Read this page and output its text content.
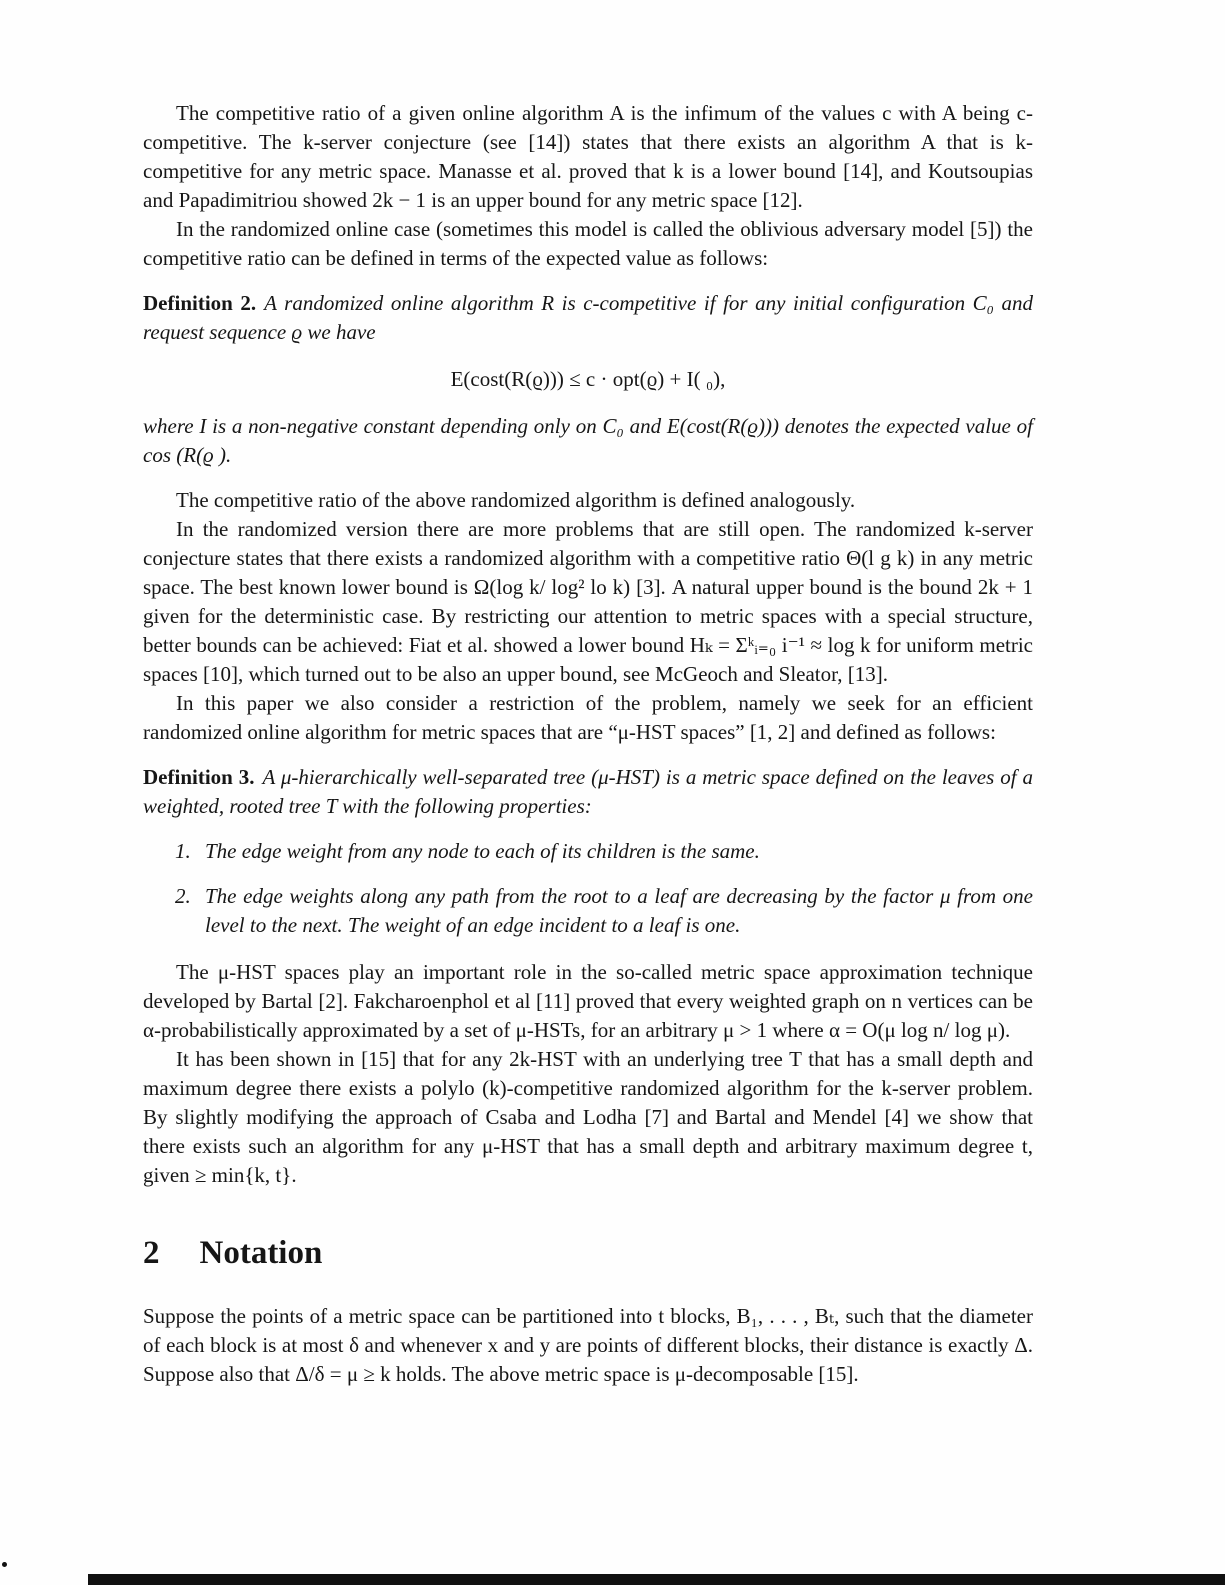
The competitive ratio of a given online algorithm A is the infimum of the values c with A being c-competitive. The k-server conjecture (see [14]) states that there exists an algorithm A that is k-competitive for any metric space. Manasse et al. proved that k is a lower bound [14], and Koutsoupias and Papadimitriou showed 2k − 1 is an upper bound for any metric space [12].

In the randomized online case (sometimes this model is called the oblivious adversary model [5]) the competitive ratio can be defined in terms of the expected value as follows:

Definition 2. A randomized online algorithm R is c-competitive if for any initial configuration C₀ and request sequence ϱ we have

E(cost(R(ϱ))) ≤ c · opt(ϱ) + I( ₀),

where I is a non-negative constant depending only on C₀ and E(cost(R(ϱ))) denotes the expected value of cos (R(ϱ ).

The competitive ratio of the above randomized algorithm is defined analogously.

In the randomized version there are more problems that are still open. The randomized k-server conjecture states that there exists a randomized algorithm with a competitive ratio Θ(l g k) in any metric space. The best known lower bound is Ω(log k/ log² lo k) [3]. A natural upper bound is the bound 2k + 1 given for the deterministic case. By restricting our attention to metric spaces with a special structure, better bounds can be achieved: Fiat et al. showed a lower bound Hₖ = Σᵏᵢ₌₀ i⁻¹ ≈ log k for uniform metric spaces [10], which turned out to be also an upper bound, see McGeoch and Sleator, [13].

In this paper we also consider a restriction of the problem, namely we seek for an efficient randomized online algorithm for metric spaces that are “μ-HST spaces” [1, 2] and defined as follows:

Definition 3. A μ-hierarchically well-separated tree (μ-HST) is a metric space defined on the leaves of a weighted, rooted tree T with the following properties:

1. The edge weight from any node to each of its children is the same.
2. The edge weights along any path from the root to a leaf are decreasing by the factor μ from one level to the next. The weight of an edge incident to a leaf is one.

The μ-HST spaces play an important role in the so-called metric space approximation technique developed by Bartal [2]. Fakcharoenphol et al [11] proved that every weighted graph on n vertices can be α-probabilistically approximated by a set of μ-HSTs, for an arbitrary μ > 1 where α = O(μ log n/ log μ).

It has been shown in [15] that for any 2k-HST with an underlying tree T that has a small depth and maximum degree there exists a polylo (k)-competitive randomized algorithm for the k-server problem. By slightly modifying the approach of Csaba and Lodha [7] and Bartal and Mendel [4] we show that there exists such an algorithm for any μ-HST that has a small depth and arbitrary maximum degree t, given ≥ min{k, t}.

2 Notation

Suppose the points of a metric space can be partitioned into t blocks, B₁, . . . , Bₜ, such that the diameter of each block is at most δ and whenever x and y are points of different blocks, their distance is exactly Δ. Suppose also that Δ/δ = μ ≥ k holds. The above metric space is μ-decomposable [15].
